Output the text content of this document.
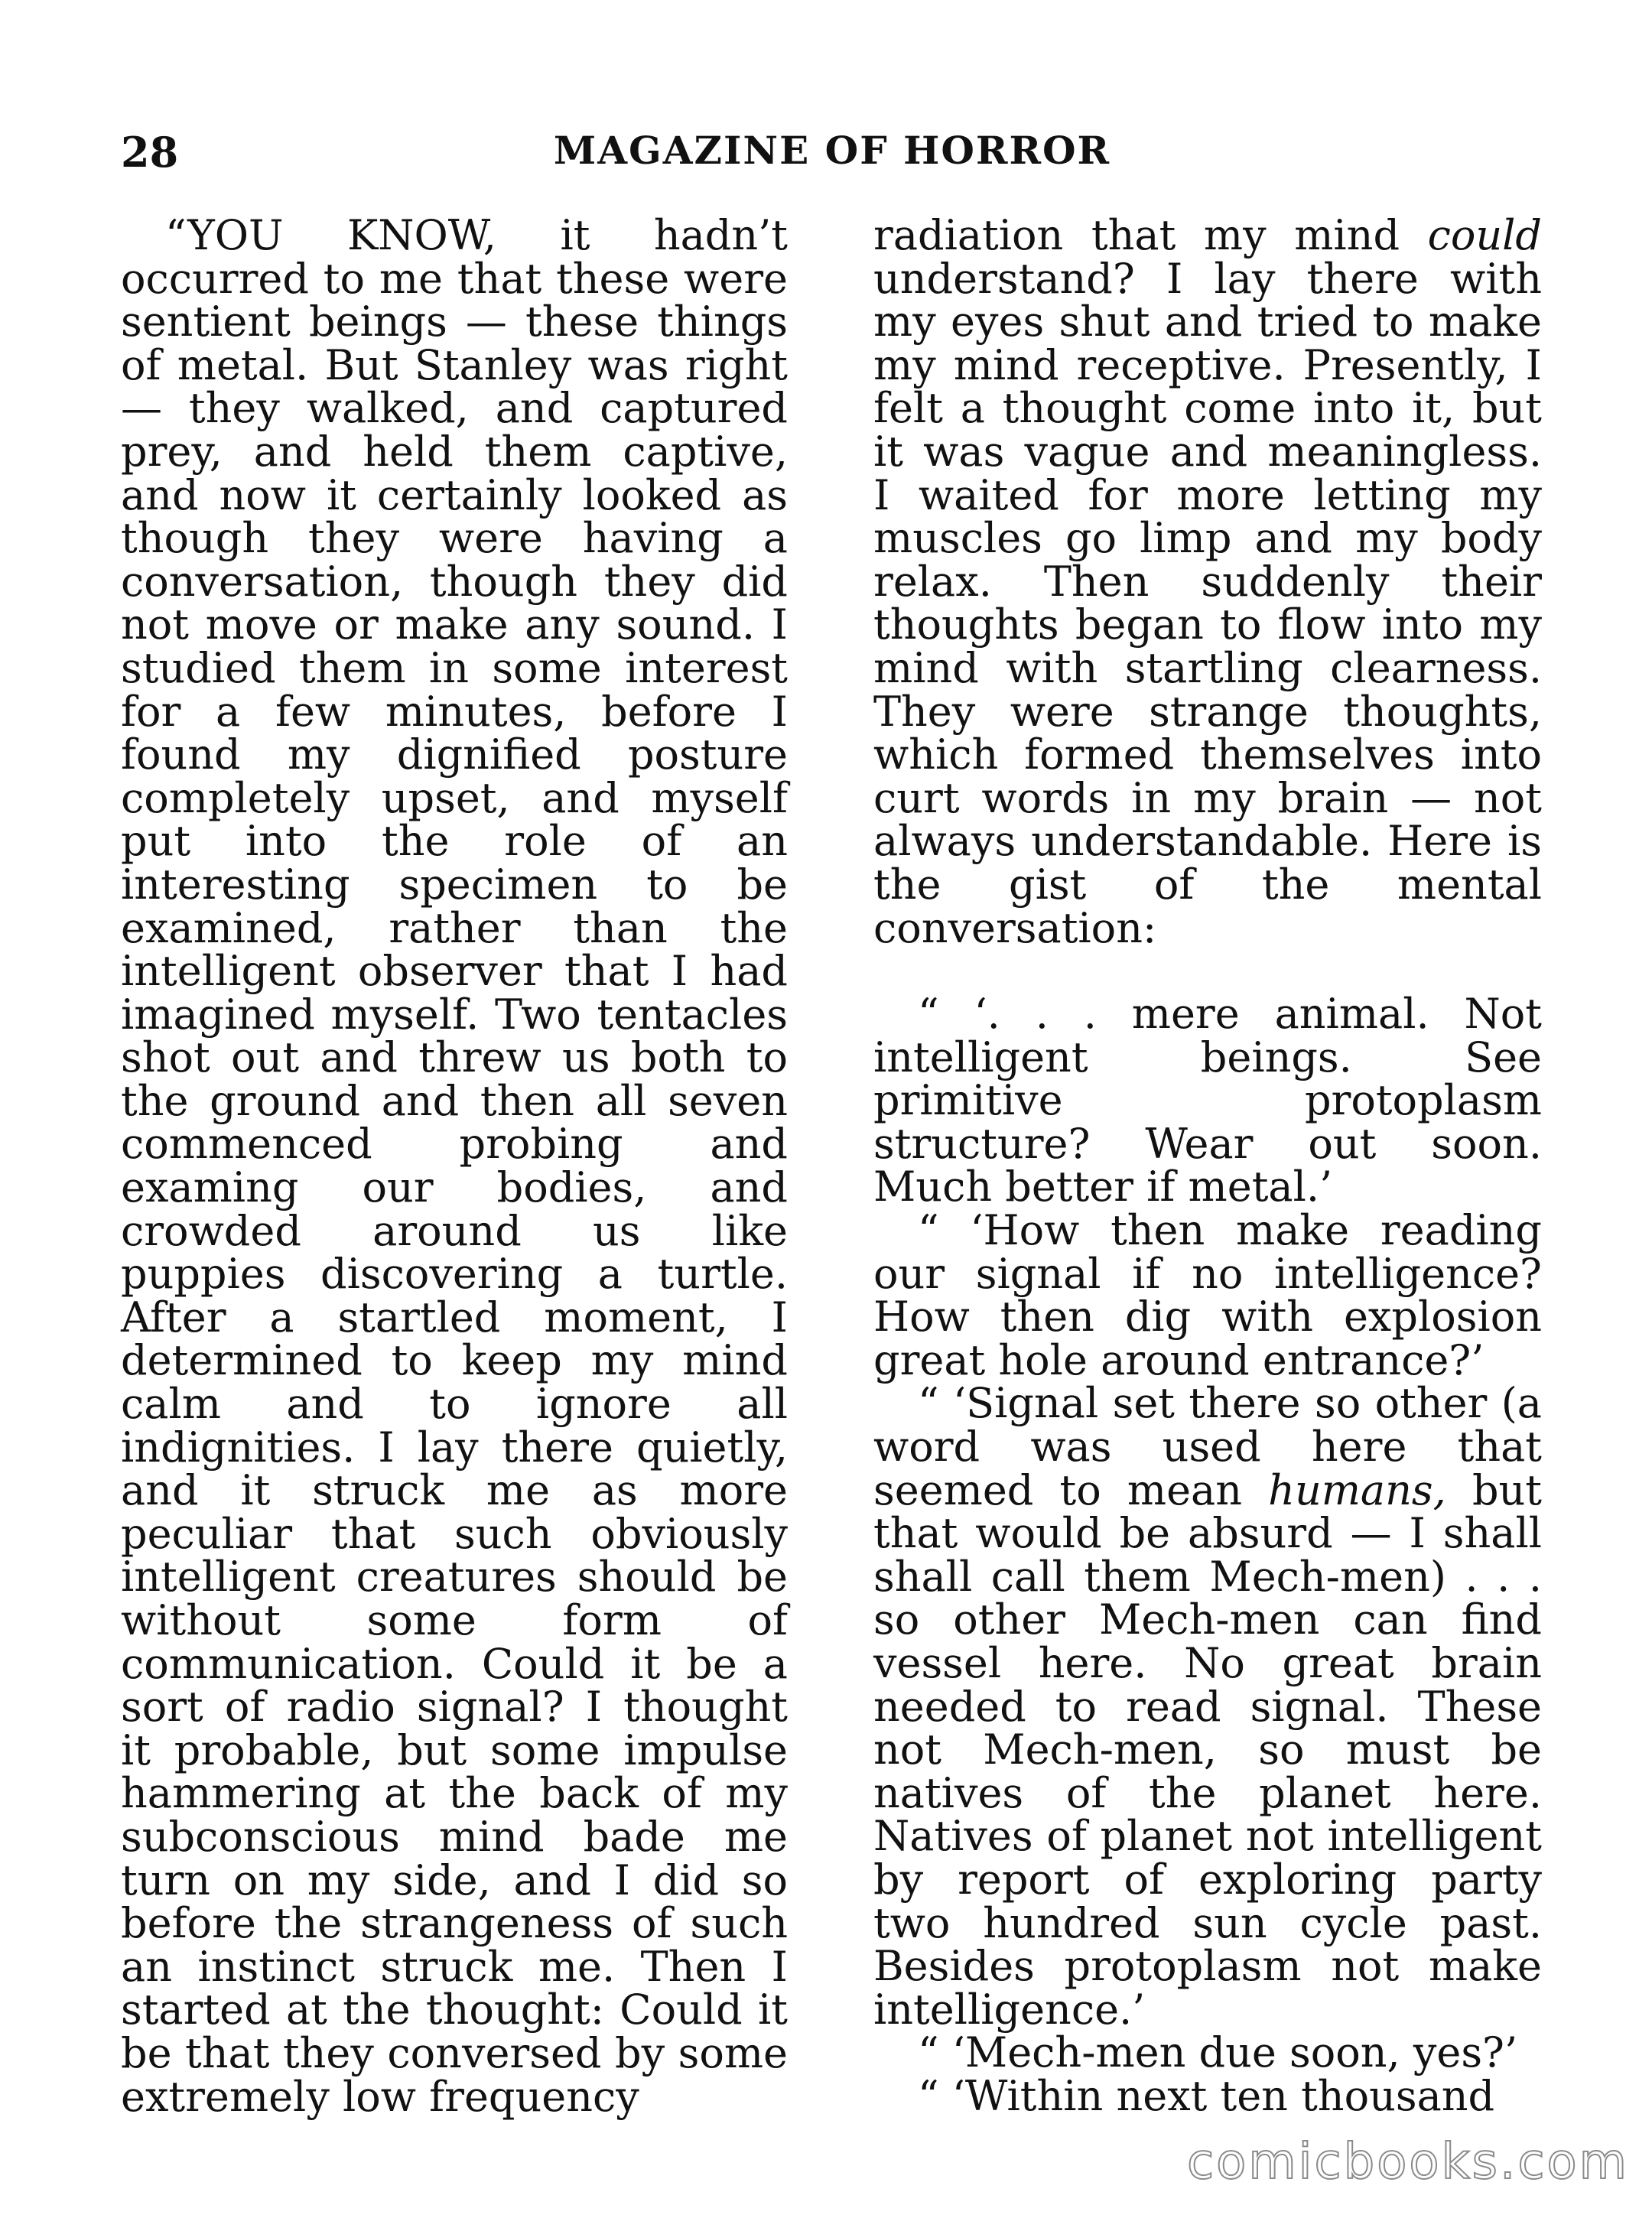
28	MAGAZINE OF HORROR

“YOU KNOW, it hadn’t occurred to me that these were sentient beings — these things of metal. But Stanley was right — they walked, and captured prey, and held them captive, and now it certainly looked as though they were having a conversation, though they did not move or make any sound. I studied them in some interest for a few minutes, before I found my dignified posture completely upset, and myself put into the role of an interesting specimen to be examined, rather than the intelligent observer that I had imagined myself. Two tentacles shot out and threw us both to the ground and then all seven commenced probing and examing our bodies, and crowded around us like puppies discovering a turtle. After a startled moment, I determined to keep my mind calm and to ignore all indignities. I lay there quietly, and it struck me as more peculiar that such obviously intelligent creatures should be without some form of communication. Could it be a sort of radio signal? I thought it probable, but some impulse hammering at the back of my subconscious mind bade me turn on my side, and I did so before the strangeness of such an instinct struck me. Then I started at the thought: Could it be that they conversed by some extremely low frequency

radiation that my mind could understand? I lay there with my eyes shut and tried to make my mind receptive. Presently, I felt a thought come into it, but it was vague and meaningless. I waited for more letting my muscles go limp and my body relax. Then suddenly their thoughts began to flow into my mind with startling clearness. They were strange thoughts, which formed themselves into curt words in my brain — not always understandable. Here is the gist of the mental conversation:

“ ‘. . . mere animal. Not intelligent beings. See primitive protoplasm structure? Wear out soon. Much better if metal.’

“ ‘How then make reading our signal if no intelligence? How then dig with explosion great hole around entrance?’

“ ‘Signal set there so other (a word was used here that seemed to mean humans, but that would be absurd — I shall shall call them Mech-men) . . . so other Mech-men can find vessel here. No great brain needed to read signal. These not Mech-men, so must be natives of the planet here. Natives of planet not intelligent by report of exploring party two hundred sun cycle past. Besides protoplasm not make intelligence.’

“ ‘Mech-men due soon, yes?’

“ ‘Within next ten thousand

comicbooks.com
